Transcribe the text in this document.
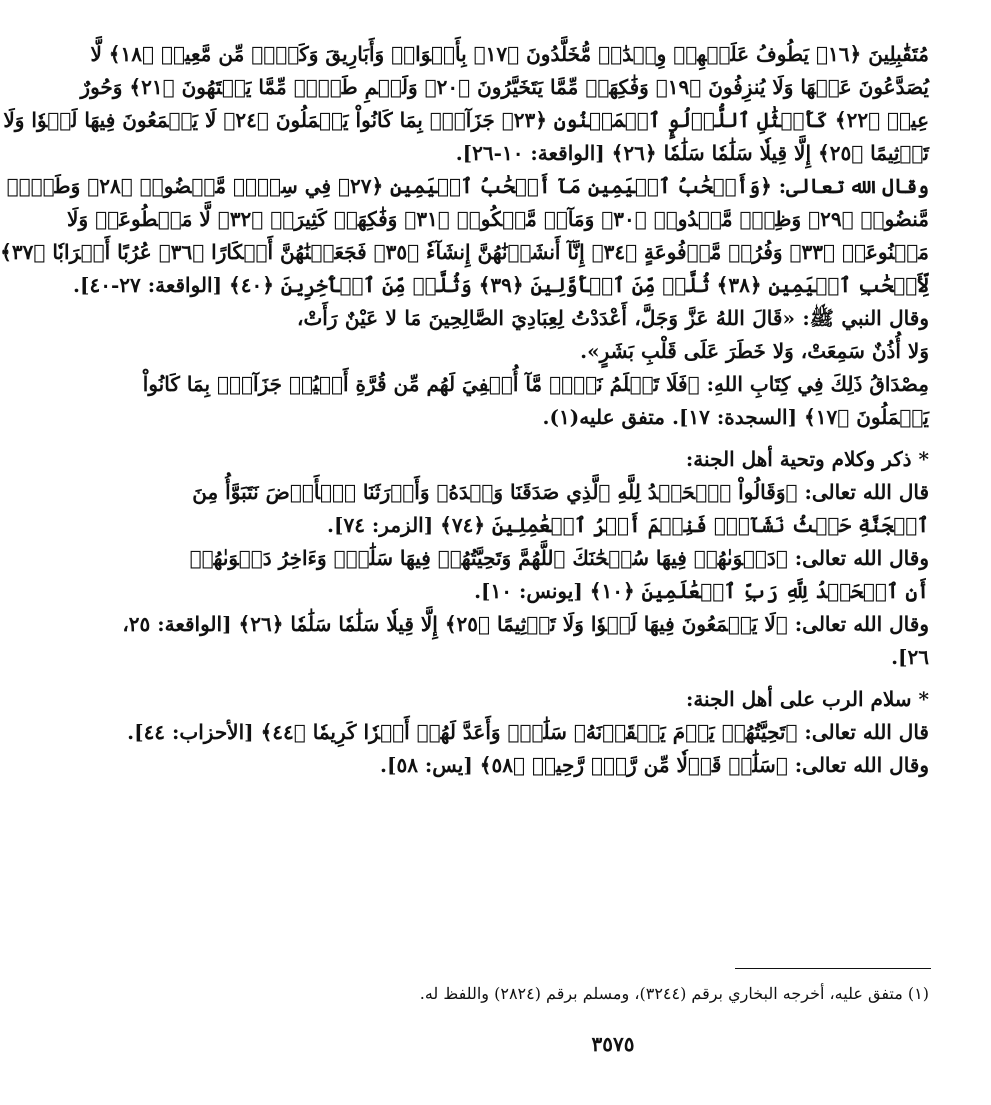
مُتَقَٰبِلِينَ ﴿١٦﴾ يَطُوفُ عَلَيۡهِمۡ وِلۡدَٰنٞ مُّخَلَّدُونَ ﴿١٧﴾ بِأَكۡوَابٖ وَأَبَارِيقَ وَكَأۡسٖ مِّن مَّعِينٖ ﴿١٨﴾ لَّا
يُصَدَّعُونَ عَنۡهَا وَلَا يُنزِفُونَ ﴿١٩﴾ وَفَٰكِهَةٖ مِّمَّا يَتَخَيَّرُونَ ﴿٢٠﴾ وَلَحۡمِ طَيۡرٖ مِّمَّا يَشۡتَهُونَ ﴿٢١﴾ وَحُورٌ
عِينٞ ﴿٢٢﴾ كَأَمۡثَٰلِ ٱللُّؤۡلُوِٕ ٱلۡمَكۡنُونِ ﴿٢٣﴾ جَزَآءَۢ بِمَا كَانُواْ يَعۡمَلُونَ ﴿٢٤﴾ لَا يَسۡمَعُونَ فِيهَا لَغۡوٗا وَلَا
تَأۡثِيمًا ﴿٢٥﴾ إِلَّا قِيلٗا سَلَٰمٗا سَلَٰمٗا ﴿٢٦﴾ [الواقعة: ١٠-٢٦].
وقال الله تعالى: ﴿وَأَصۡحَٰبُ ٱلۡيَمِينِ مَآ أَصۡحَٰبُ ٱلۡيَمِينِ ﴿٢٧﴾ فِي سِدۡرٖ مَّخۡضُودٖ ﴿٢٨﴾ وَطَلۡحٖ
مَّنضُودٖ ﴿٢٩﴾ وَظِلّٖ مَّمۡدُودٖ ﴿٣٠﴾ وَمَآءٖ مَّسۡكُوبٖ ﴿٣١﴾ وَفَٰكِهَةٖ كَثِيرَةٖ ﴿٣٢﴾ لَّا مَقۡطُوعَةٖ وَلَا
مَمۡنُوعَةٖ ﴿٣٣﴾ وَفُرُشٖ مَّرۡفُوعَةٍ ﴿٣٤﴾ إِنَّآ أَنشَأۡنَٰهُنَّ إِنشَآءٗ ﴿٣٥﴾ فَجَعَلۡنَٰهُنَّ أَبۡكَارًا ﴿٣٦﴾ عُرُبًا أَتۡرَابٗا ﴿٣٧﴾
لِّأَصۡحَٰبِ ٱلۡيَمِينِ ﴿٣٨﴾ ثُلَّةٞ مِّنَ ٱلۡأَوَّلِينَ ﴿٣٩﴾ وَثُلَّةٞ مِّنَ ٱلۡأٓخِرِينَ ﴿٤٠﴾ [الواقعة: ٢٧-٤٠].
وقال النبي ﷺ: «قَالَ اللهُ عَزَّ وَجَلَّ، أَعْدَدْتُ لِعِبَادِيَ الصَّالِحِينَ مَا لا عَيْنٌ رَأَتْ،
وَلا أُذُنٌ سَمِعَتْ، وَلا خَطَرَ عَلَى قَلْبِ بَشَرٍ».
مِصْدَاقُ ذَلِكَ فِي كِتَابِ اللهِ: ﴿فَلَا تَعۡلَمُ نَفۡسٞ مَّآ أُخۡفِيَ لَهُم مِّن قُرَّةِ أَعۡيُنٖ جَزَآءَۢ بِمَا كَانُواْ
يَعۡمَلُونَ ﴿١٧﴾ [السجدة: ١٧]. متفق عليه(١).
* ذكر وكلام وتحية أهل الجنة:
قال الله تعالى: ﴿وَقَالُواْ ٱلۡحَمۡدُ لِلَّهِ ٱلَّذِي صَدَقَنَا وَعۡدَهُۥ وَأَوۡرَثَنَا ٱلۡأَرۡضَ نَتَبَوَّأُ مِنَ
ٱلۡجَنَّةِ حَيۡثُ نَشَآءُۖ فَنِعۡمَ أَجۡرُ ٱلۡعَٰمِلِينَ ﴿٧٤﴾ [الزمر: ٧٤].
وقال الله تعالى: ﴿دَعۡوَىٰهُمۡ فِيهَا سُبۡحَٰنَكَ ٱللَّهُمَّ وَتَحِيَّتُهُمۡ فِيهَا سَلَٰمٞۚ وَءَاخِرُ دَعۡوَىٰهُمۡ
أَنِ ٱلۡحَمۡدُ لِلَّهِ رَبِّ ٱلۡعَٰلَمِينَ ﴿١٠﴾ [يونس: ١٠].
وقال الله تعالى: ﴿لَا يَسۡمَعُونَ فِيهَا لَغۡوٗا وَلَا تَأۡثِيمًا ﴿٢٥﴾ إِلَّا قِيلٗا سَلَٰمٗا سَلَٰمٗا ﴿٢٦﴾ [الواقعة: ٢٥،
٢٦].
* سلام الرب على أهل الجنة:
قال الله تعالى: ﴿تَحِيَّتُهُمۡ يَوۡمَ يَلۡقَوۡنَهُۥ سَلَٰمٞۚ وَأَعَدَّ لَهُمۡ أَجۡرٗا كَرِيمٗا ﴿٤٤﴾ [الأحزاب: ٤٤].
وقال الله تعالى: ﴿سَلَٰمٞ قَوۡلٗا مِّن رَّبّٖ رَّحِيمٖ ﴿٥٨﴾ [يس: ٥٨].
(١) متفق عليه، أخرجه البخاري برقم (٣٢٤٤)، ومسلم برقم (٢٨٢٤) واللفظ له.
٣٥٧٥
